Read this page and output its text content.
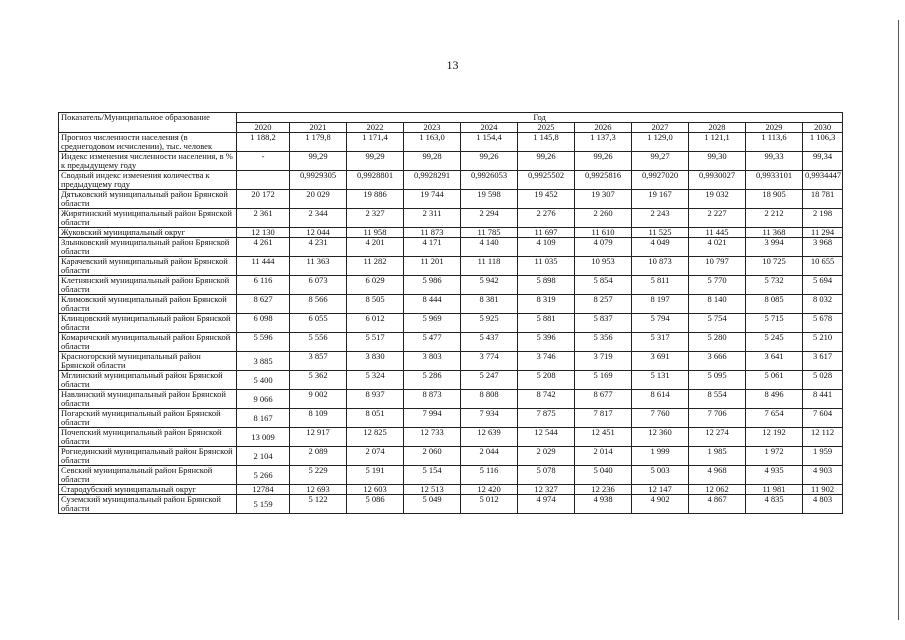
13
Показатель/Муниципальное образование	Год										
	2020	2021	2022	2023	2024	2025	2026	2027	2028	2029	2030
Прогноз численности населения (в среднегодовом исчислении), тыс. человек	1 188,2	1 179,8	1 171,4	1 163,0	1 154,4	1 145,8	1 137,3	1 129,0	1 121,1	1 113,6	1 106,3
Индекс изменения численности населения, в % к предыдущему году	-	99,29	99,29	99,28	99,26	99,26	99,26	99,27	99,30	99,33	99,34
Сводный индекс изменения количества к предыдущему году		0,9929305	0,9928801	0,9928291	0,9926053	0,9925502	0,9925816	0,9927020	0,9930027	0,9933101	0,9934447
Дятьковский муниципальный район Брянской области	20 172	20 029	19 886	19 744	19 598	19 452	19 307	19 167	19 032	18 905	18 781
Жирятинский муниципальный район Брянской области	2 361	2 344	2 327	2 311	2 294	2 276	2 260	2 243	2 227	2 212	2 198
Жуковский муниципальный округ	12 130	12 044	11 958	11 873	11 785	11 697	11 610	11 525	11 445	11 368	11 294
Злынковский муниципальный район Брянской области	4 261	4 231	4 201	4 171	4 140	4 109	4 079	4 049	4 021	3 994	3 968
Карачевский муниципальный район Брянской области	11 444	11 363	11 282	11 201	11 118	11 035	10 953	10 873	10 797	10 725	10 655
Клетнянский муниципальный район Брянской области	6 116	6 073	6 029	5 986	5 942	5 898	5 854	5 811	5 770	5 732	5 694
Климовский муниципальный район Брянской области	8 627	8 566	8 505	8 444	8 381	8 319	8 257	8 197	8 140	8 085	8 032
Клинцовский муниципальный район Брянской области	6 098	6 055	6 012	5 969	5 925	5 881	5 837	5 794	5 754	5 715	5 678
Комаричский муниципальный район Брянской области	5 596	5 556	5 517	5 477	5 437	5 396	5 356	5 317	5 280	5 245	5 210
Красногорский муниципальный район Брянской области	3 885	3 857	3 830	3 803	3 774	3 746	3 719	3 691	3 666	3 641	3 617
Мглинский муниципальный район Брянской области	5 400	5 362	5 324	5 286	5 247	5 208	5 169	5 131	5 095	5 061	5 028
Навлинский муниципальный район Брянской области	9 066	9 002	8 937	8 873	8 808	8 742	8 677	8 614	8 554	8 496	8 441
Погарский муниципальный район Брянской области	8 167	8 109	8 051	7 994	7 934	7 875	7 817	7 760	7 706	7 654	7 604
Почепский муниципальный район Брянской области	13 009	12 917	12 825	12 733	12 639	12 544	12 451	12 360	12 274	12 192	12 112
Рогнединский муниципальный район Брянской области	2 104	2 089	2 074	2 060	2 044	2 029	2 014	1 999	1 985	1 972	1 959
Севский муниципальный район Брянской области	5 266	5 229	5 191	5 154	5 116	5 078	5 040	5 003	4 968	4 935	4 903
Стародубский муниципальный округ	12784	12 693	12 603	12 513	12 420	12 327	12 236	12 147	12 062	11 981	11 902
Суземский муниципальный район Брянской области	5 159	5 122	5 086	5 049	5 012	4 974	4 938	4 902	4 867	4 835	4 803
